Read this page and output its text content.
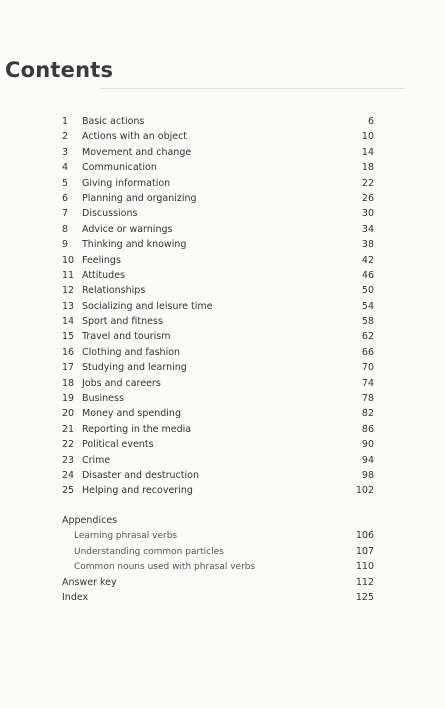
Contents
1	Basic actions	6
2	Actions with an object	10
3	Movement and change	14
4	Communication	18
5	Giving information	22
6	Planning and organizing	26
7	Discussions	30
8	Advice or warnings	34
9	Thinking and knowing	38
10 Feelings	42
11 Attitudes	46
12 Relationships	50
13 Socializing and leisure time	54
14 Sport and fitness	58
15 Travel and tourism	62
16 Clothing and fashion	66
17 Studying and learning	70
18 Jobs and careers	74
19 Business	78
20 Money and spending	82
21 Reporting in the media	86
22 Political events	90
23 Crime	94
24 Disaster and destruction	98
25 Helping and recovering	102
Appendices
Learning phrasal verbs	106
Understanding common particles	107
Common nouns used with phrasal verbs	110
Answer key	112
Index	125
